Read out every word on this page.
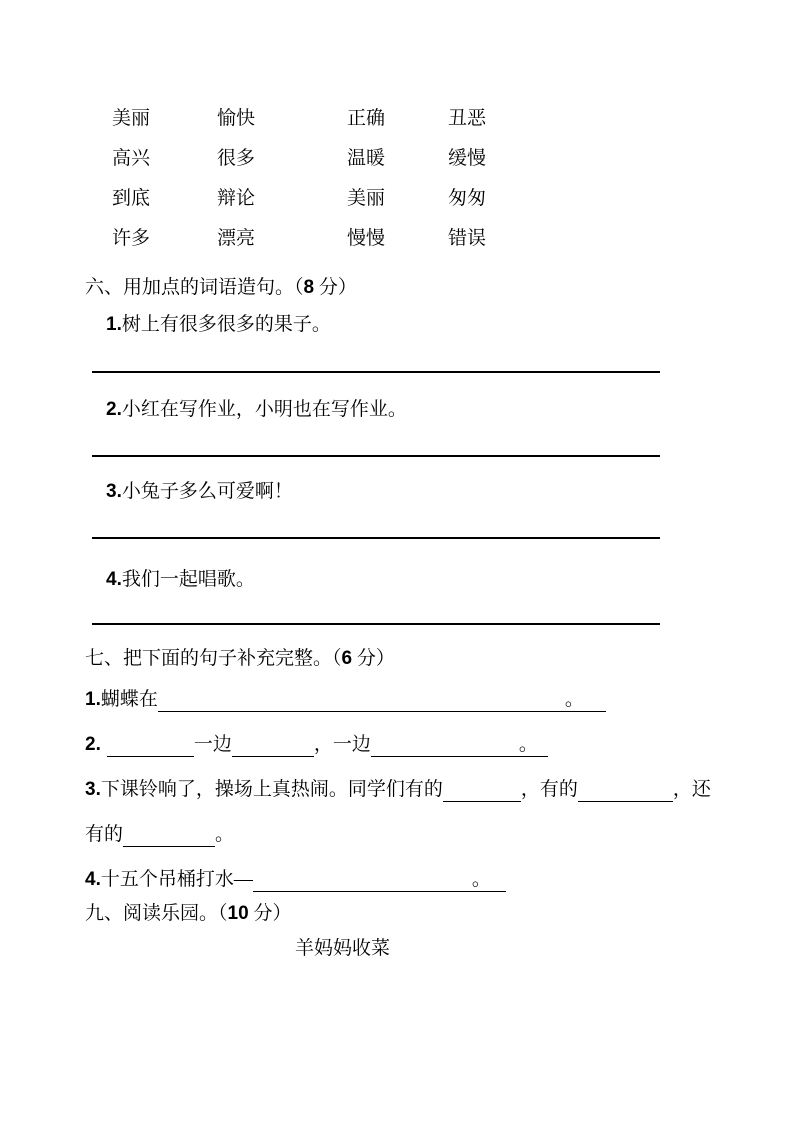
美丽	愉快	正确	丑恶
高兴	很多	温暖	缓慢
到底	辩论	美丽	匆匆
许多	漂亮	慢慢	错误
六、用加点的词语造句。（8 分）
1.树上有很多很多的果子。
2.小红在写作业，小明也在写作业。
3.小兔子多么可爱啊！
4.我们一起唱歌。
七、把下面的句子补充完整。（6 分）
1.蝴蝶在	。
2.	一边	，一边	。
3.下课铃响了，操场上真热闹。同学们有的	，有的	，还
有的	。
4.十五个吊桶打水—	。
九、阅读乐园。（10 分）
羊妈妈收菜
